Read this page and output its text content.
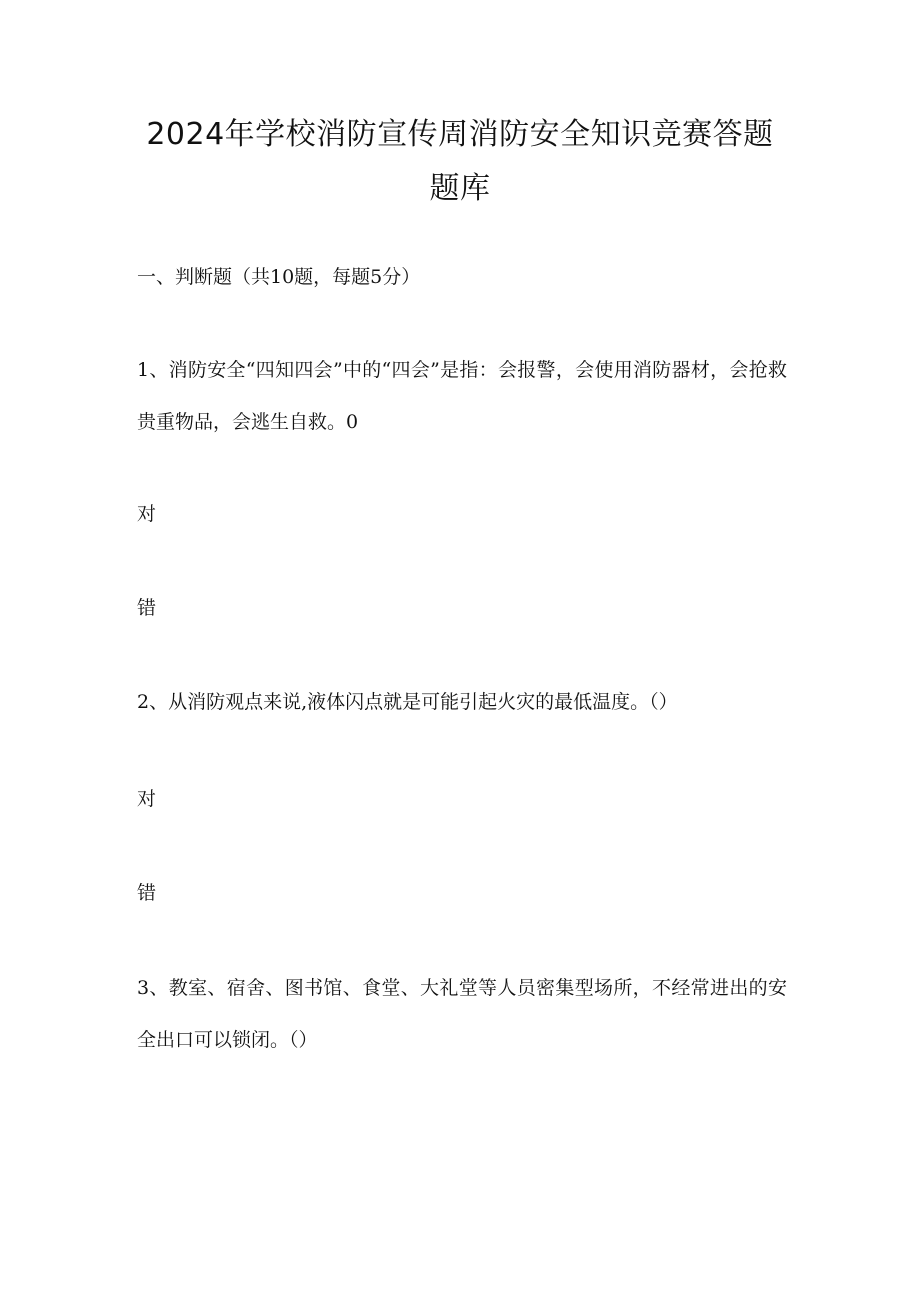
2024年学校消防宣传周消防安全知识竞赛答题
题库
一、判断题（共10题，每题5分）
1、消防安全“四知四会”中的“四会”是指：会报警，会使用消防器材，会抢救贵重物品，会逃生自救。0
对
错
2、从消防观点来说,液体闪点就是可能引起火灾的最低温度。（）
对
错
3、教室、宿舍、图书馆、食堂、大礼堂等人员密集型场所，不经常进出的安全出口可以锁闭。（）
